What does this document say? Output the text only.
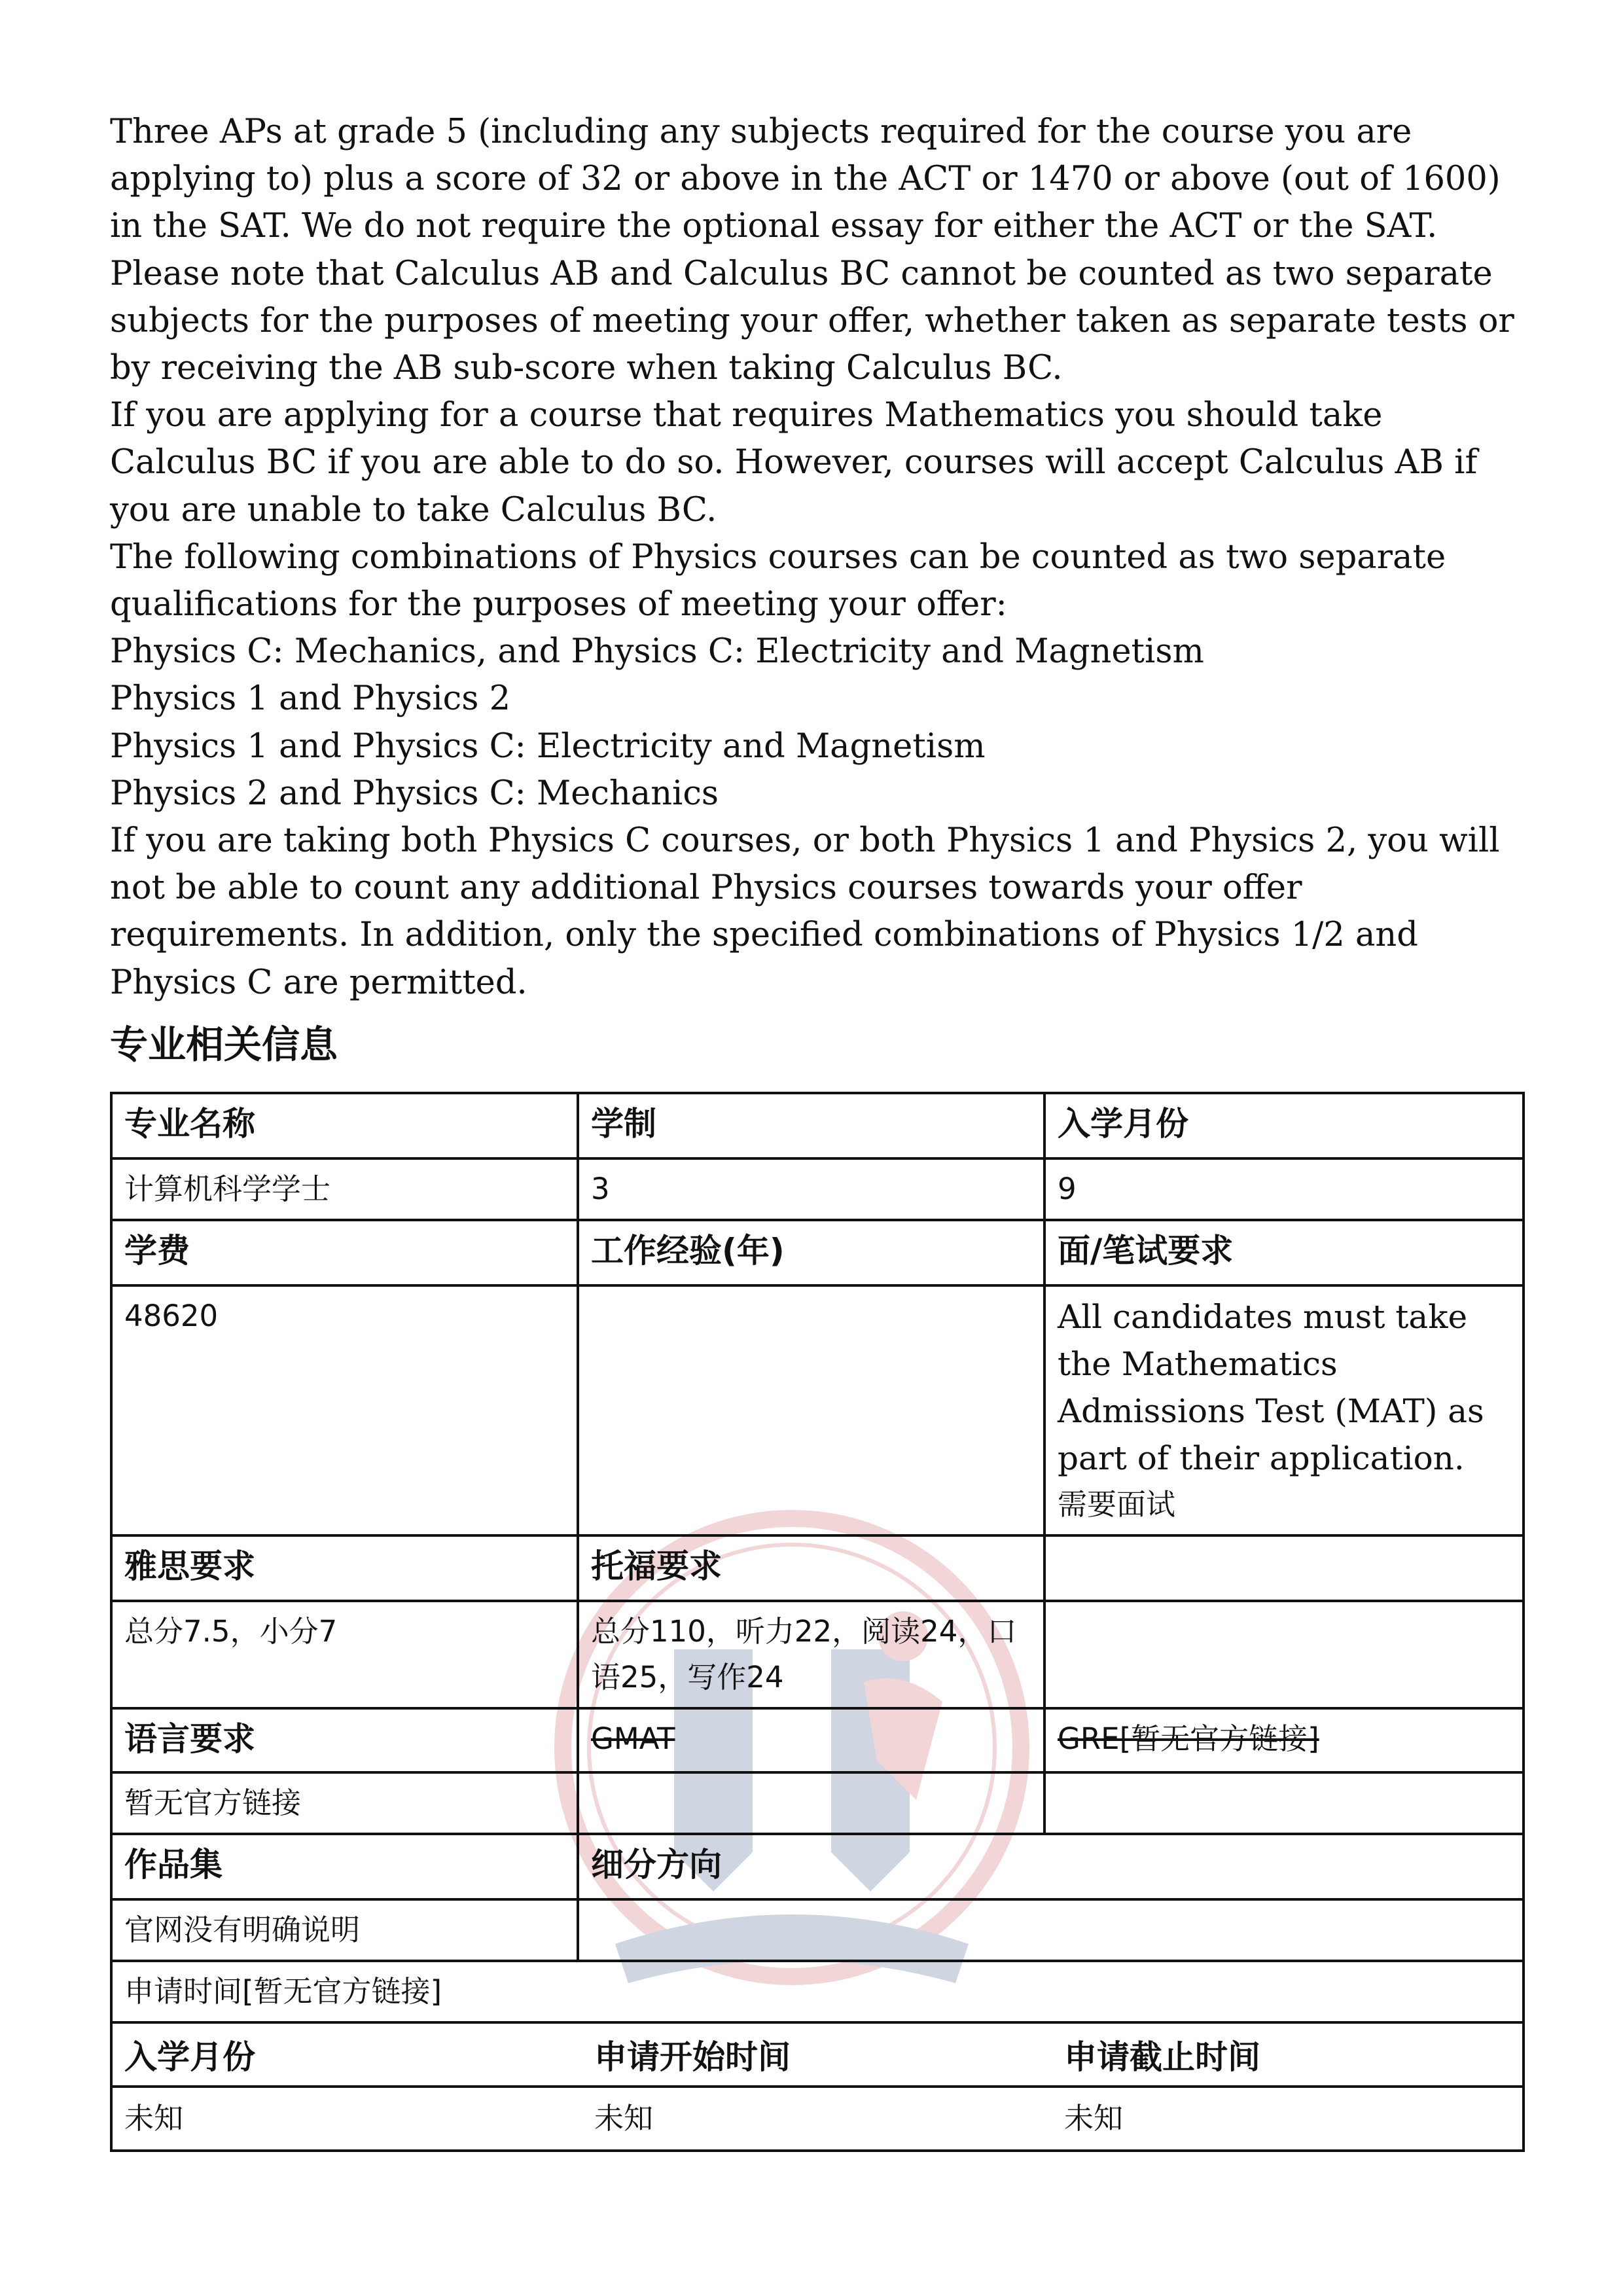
Three APs at grade 5 (including any subjects required for the course you are applying to) plus a score of 32 or above in the ACT or 1470 or above (out of 1600) in the SAT. We do not require the optional essay for either the ACT or the SAT.

Please note that Calculus AB and Calculus BC cannot be counted as two separate subjects for the purposes of meeting your offer, whether taken as separate tests or by receiving the AB sub-score when taking Calculus BC.

If you are applying for a course that requires Mathematics you should take Calculus BC if you are able to do so. However, courses will accept Calculus AB if you are unable to take Calculus BC.

The following combinations of Physics courses can be counted as two separate qualifications for the purposes of meeting your offer:

Physics C: Mechanics, and Physics C: Electricity and Magnetism

Physics 1 and Physics 2

Physics 1 and Physics C: Electricity and Magnetism

Physics 2 and Physics C: Mechanics

If you are taking both Physics C courses, or both Physics 1 and Physics 2, you will not be able to count any additional Physics courses towards your offer requirements. In addition, only the specified combinations of Physics 1/2 and Physics C are permitted.

专业相关信息
专业名称	学制	入学月份
计算机科学学士	3	9
学费	工作经验(年)	面/笔试要求
48620		All candidates must take the Mathematics Admissions Test (MAT) as part of their application.
需要面试

雅思要求	托福要求	
总分7.5，小分7	总分110，听力22，阅读24，口语25，写作24	
语言要求	GMAT	GRE[暂无官方链接]
暂无官方链接		
作品集	细分方向
官网没有明确说明	
申请时间[暂无官方链接]

入学月份	申请开始时间	申请截止时间
未知	未知	未知
